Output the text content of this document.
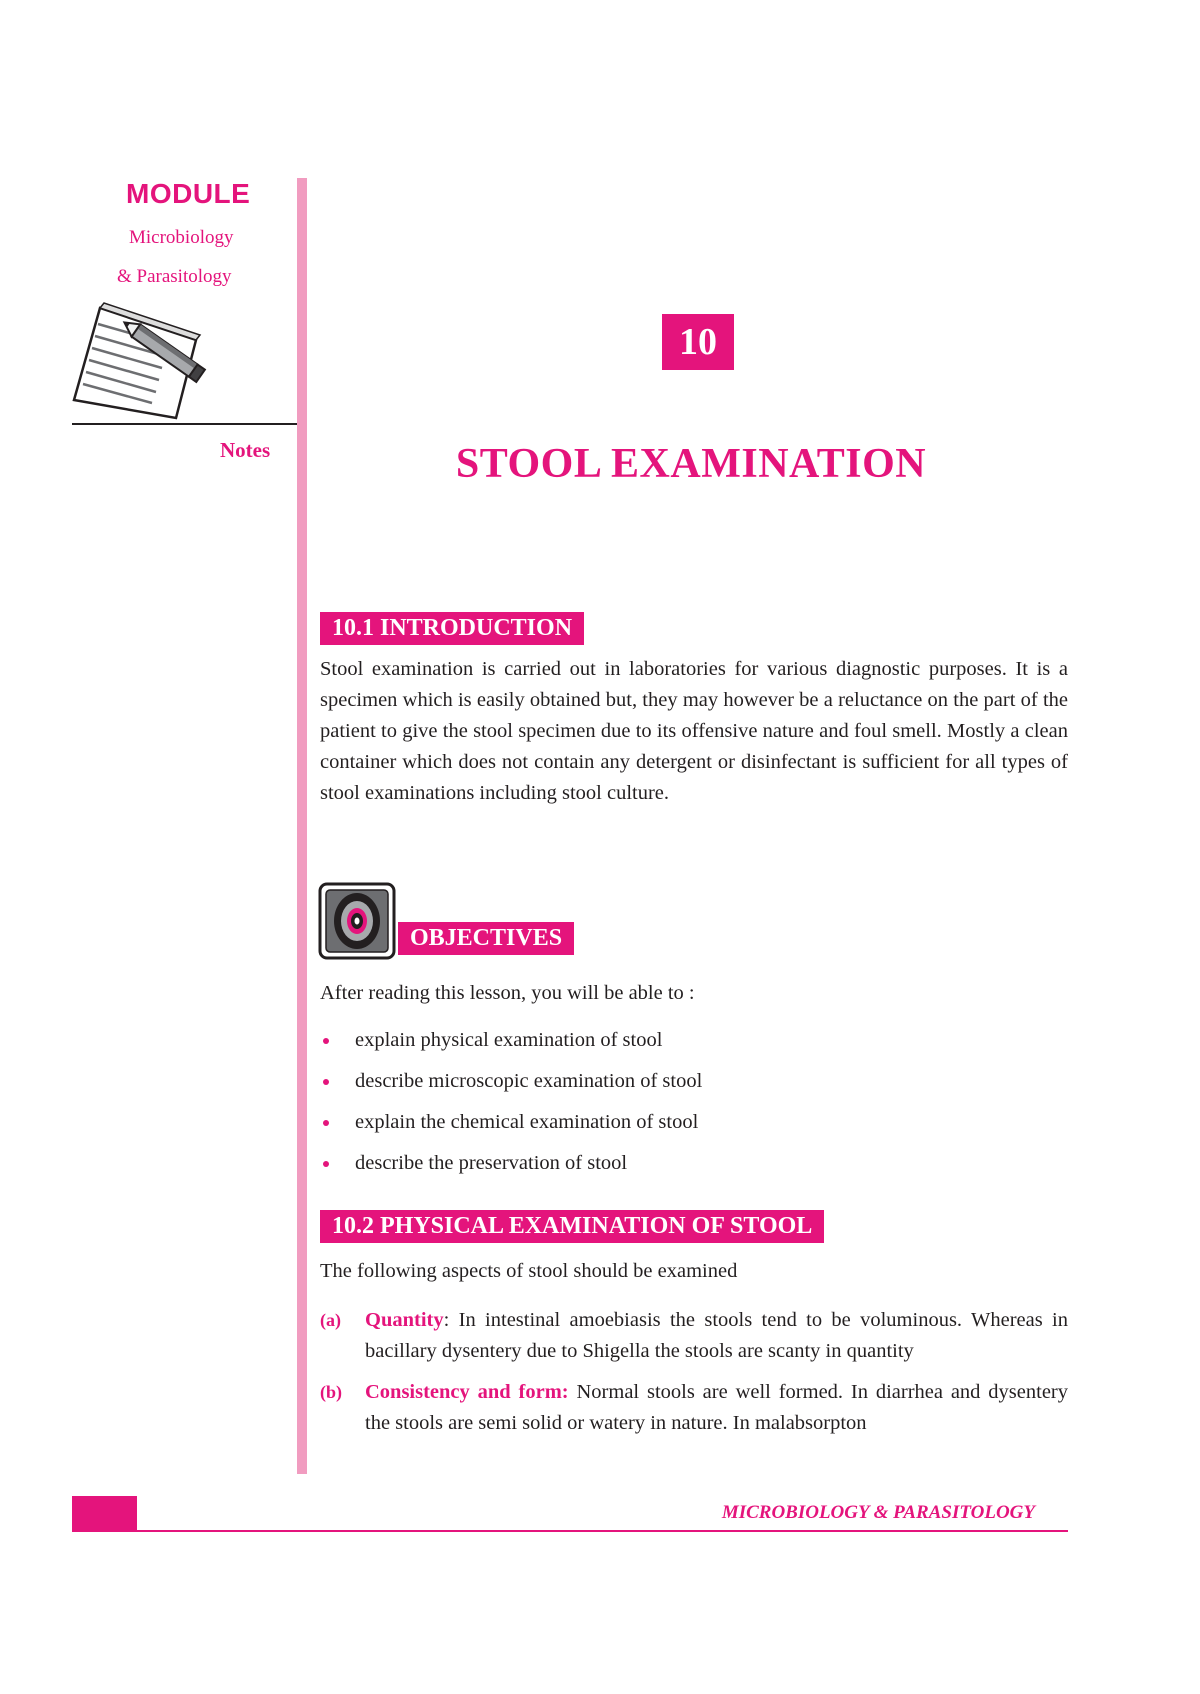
MODULE
Microbiology
& Parasitology
Notes
10
STOOL EXAMINATION
10.1 INTRODUCTION

Stool examination is carried out in laboratories for various diagnostic purposes. It is a specimen which is easily obtained but, they may however be a reluctance on the part of the patient to give the stool specimen due to its offensive nature and foul smell. Mostly a clean container which does not contain any detergent or disinfectant is sufficient for all types of stool examinations including stool culture.

OBJECTIVES

After reading this lesson, you will be able to :

explain physical examination of stool
describe microscopic examination of stool
explain the chemical examination of stool
describe the preservation of stool
10.2 PHYSICAL EXAMINATION OF STOOL

The following aspects of stool should be examined

(a) Quantity: In intestinal amoebiasis the stools tend to be voluminous. Whereas in bacillary dysentery due to Shigella the stools are scanty in quantity
(b) Consistency and form: Normal stools are well formed. In diarrhea and dysentery the stools are semi solid or watery in nature. In malabsorpton
MICROBIOLOGY & PARASITOLOGY
